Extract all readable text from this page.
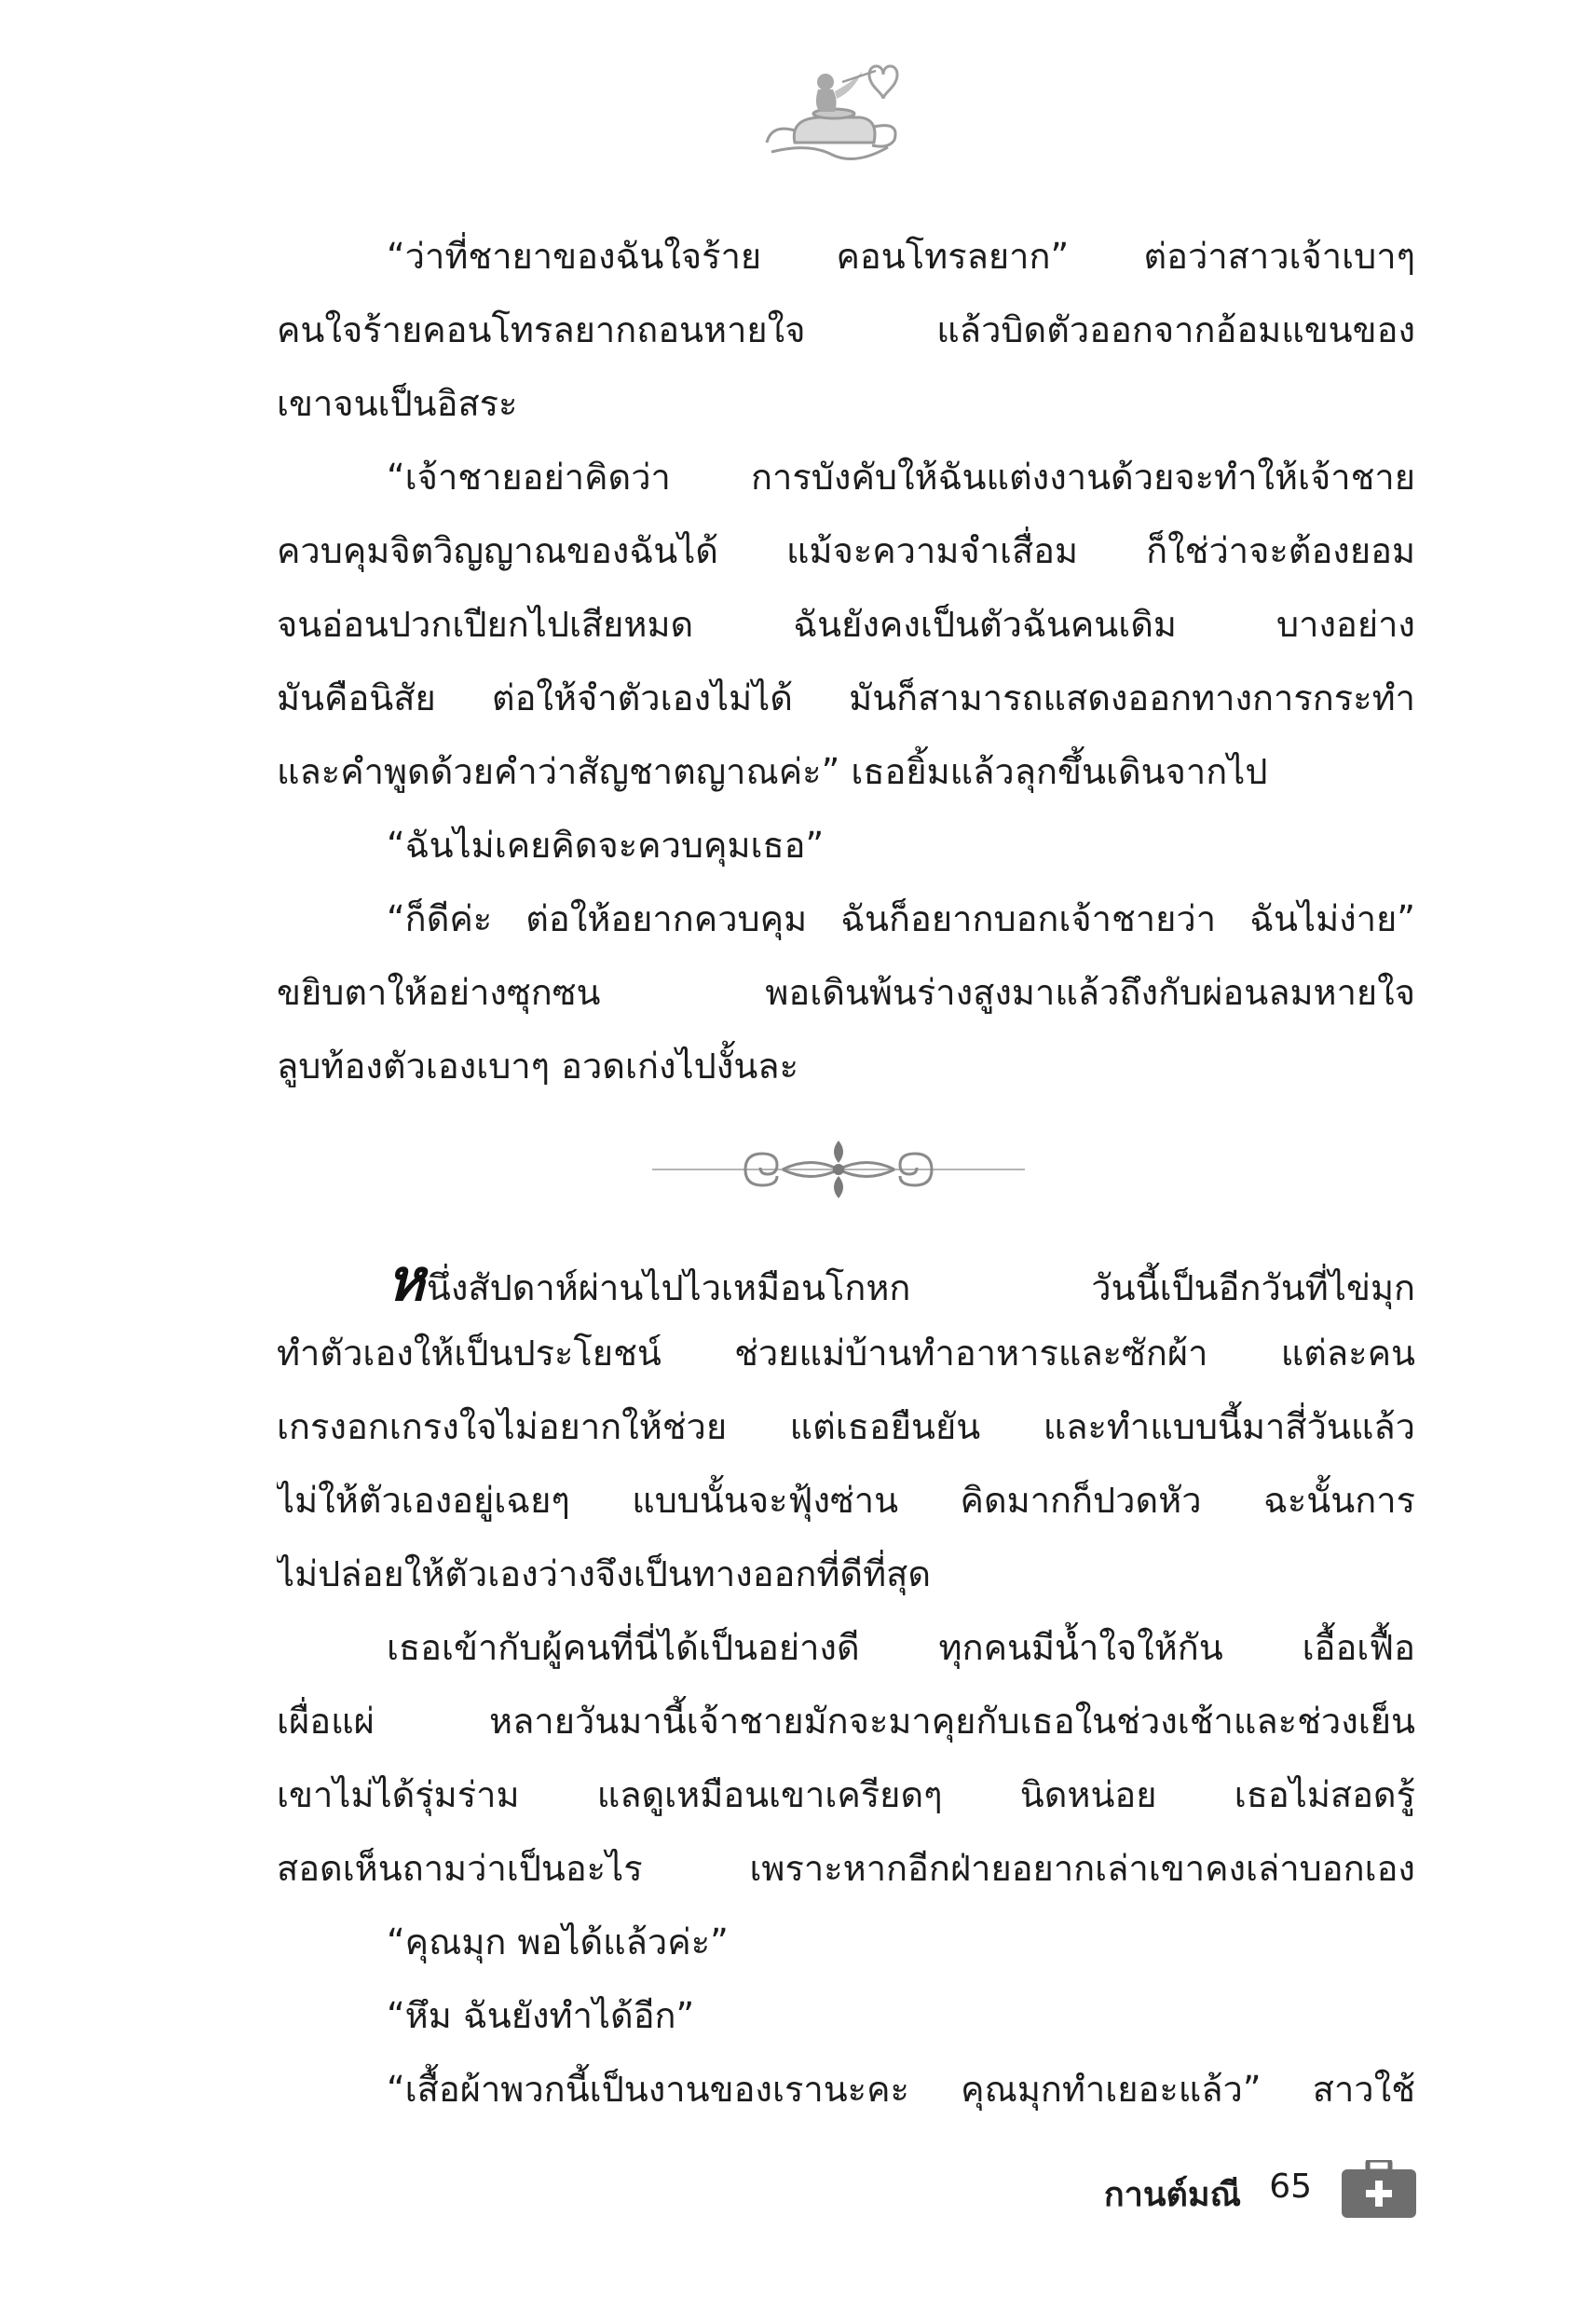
“ว่าที่ชายาของฉันใจร้าย คอนโทรลยาก” ต่อว่าสาวเจ้าเบาๆ
คนใจร้ายคอนโทรลยากถอนหายใจ แล้วบิดตัวออกจากอ้อมแขนของ
เขาจนเป็นอิสระ
“เจ้าชายอย่าคิดว่า การบังคับให้ฉันแต่งงานด้วยจะทำให้เจ้าชาย
ควบคุมจิตวิญญาณของฉันได้ แม้จะความจำเสื่อม ก็ใช่ว่าจะต้องยอม
จนอ่อนปวกเปียกไปเสียหมด ฉันยังคงเป็นตัวฉันคนเดิม บางอย่าง
มันคือนิสัย ต่อให้จำตัวเองไม่ได้ มันก็สามารถแสดงออกทางการกระทำ
และคำพูดด้วยคำว่าสัญชาตญาณค่ะ” เธอยิ้มแล้วลุกขึ้นเดินจากไป
“ฉันไม่เคยคิดจะควบคุมเธอ”
“ก็ดีค่ะ ต่อให้อยากควบคุม ฉันก็อยากบอกเจ้าชายว่า ฉันไม่ง่าย”
ขยิบตาให้อย่างซุกซน พอเดินพ้นร่างสูงมาแล้วถึงกับผ่อนลมหายใจ
ลูบท้องตัวเองเบาๆ อวดเก่งไปงั้นละ
หนึ่งสัปดาห์ผ่านไปไวเหมือนโกหก วันนี้เป็นอีกวันที่ไข่มุก
ทำตัวเองให้เป็นประโยชน์ ช่วยแม่บ้านทำอาหารและซักผ้า แต่ละคน
เกรงอกเกรงใจไม่อยากให้ช่วย แต่เธอยืนยัน และทำแบบนี้มาสี่วันแล้ว
ไม่ให้ตัวเองอยู่เฉยๆ แบบนั้นจะฟุ้งซ่าน คิดมากก็ปวดหัว ฉะนั้นการ
ไม่ปล่อยให้ตัวเองว่างจึงเป็นทางออกที่ดีที่สุด
เธอเข้ากับผู้คนที่นี่ได้เป็นอย่างดี ทุกคนมีน้ำใจให้กัน เอื้อเฟื้อ
เผื่อแผ่ หลายวันมานี้เจ้าชายมักจะมาคุยกับเธอในช่วงเช้าและช่วงเย็น
เขาไม่ได้รุ่มร่าม แลดูเหมือนเขาเครียดๆ นิดหน่อย เธอไม่สอดรู้
สอดเห็นถามว่าเป็นอะไร เพราะหากอีกฝ่ายอยากเล่าเขาคงเล่าบอกเอง
“คุณมุก พอได้แล้วค่ะ”
“หึม ฉันยังทำได้อีก”
“เสื้อผ้าพวกนี้เป็นงานของเรานะคะ คุณมุกทำเยอะแล้ว” สาวใช้
กานต์มณี 65
